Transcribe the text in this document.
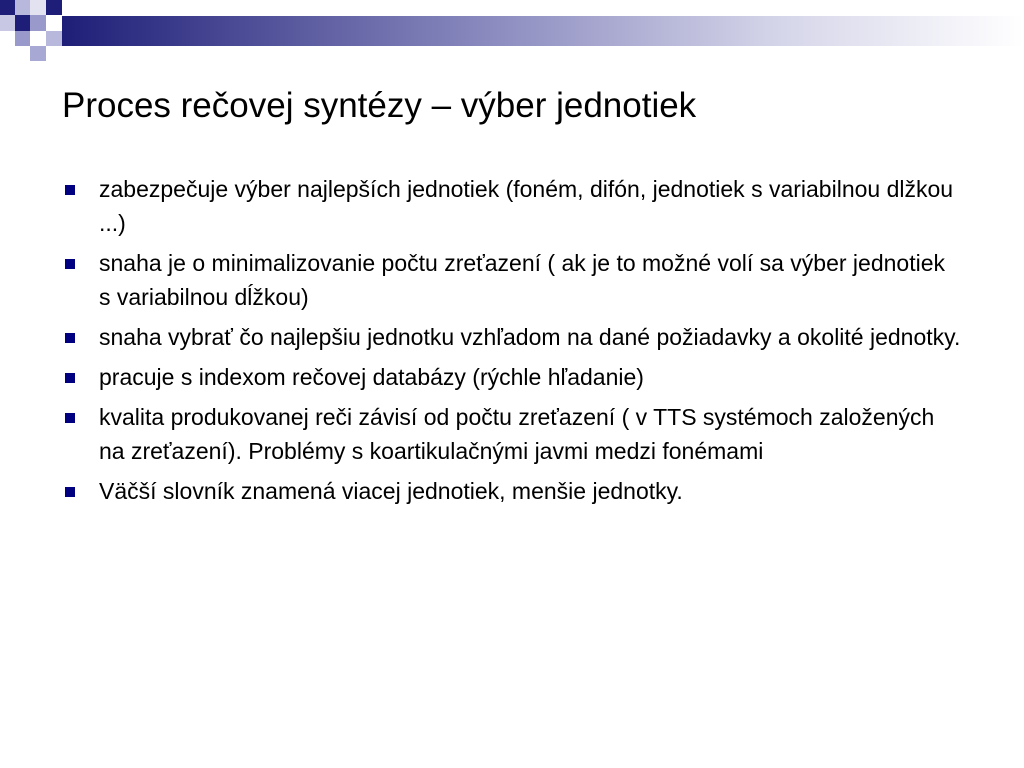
Proces rečovej syntézy – výber jednotiek
zabezpečuje výber najlepších jednotiek (foném, difón, jednotiek s variabilnou dlžkou ...)
snaha je o minimalizovanie počtu zreťazení ( ak je to možné volí sa výber jednotiek s variabilnou dĺžkou)
snaha vybrať čo najlepšiu jednotku vzhľadom na dané požiadavky a okolité jednotky.
pracuje s indexom rečovej databázy (rýchle hľadanie)
kvalita produkovanej reči závisí od počtu zreťazení ( v TTS systémoch založených na zreťazení). Problémy s koartikulačnými javmi medzi fonémami
Väčší slovník znamená viacej jednotiek, menšie jednotky.
